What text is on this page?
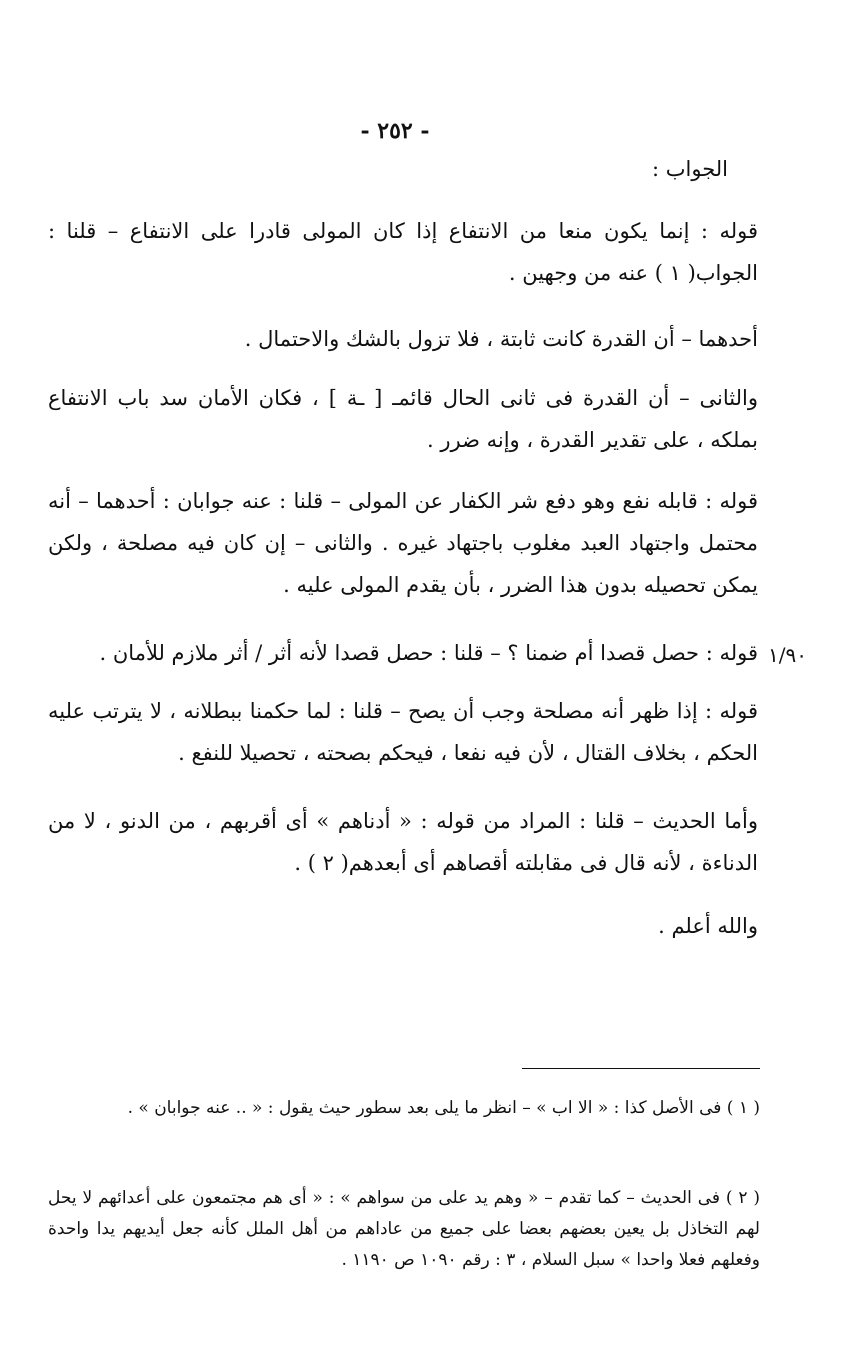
- ٢٥٢ -
الجواب :

قوله : إنما يكون منعا من الانتفاع إذا كان المولى قادرا على الانتفاع – قلنا : الجواب( ١ ) عنه من وجهين .

أحدهما – أن القدرة كانت ثابتة ، فلا تزول بالشك والاحتمال .

والثانى – أن القدرة فى ثانى الحال قائمـ [ ـة ] ، فكان الأمان سد باب الانتفاع بملكه ، على تقدير القدرة ، وإنه ضرر .

قوله : قابله نفع وهو دفع شر الكفار عن المولى – قلنا : عنه جوابان : أحدهما – أنه محتمل واجتهاد العبد مغلوب باجتهاد غيره . والثانى – إن كان فيه مصلحة ، ولكن يمكن تحصيله بدون هذا الضرر ، بأن يقدم المولى عليه .

١/٩٠

قوله : حصل قصدا أم ضمنا ؟ – قلنا : حصل قصدا لأنه أثر / أثر ملازم للأمان .

قوله : إذا ظهر أنه مصلحة وجب أن يصح – قلنا : لما حكمنا ببطلانه ، لا يترتب عليه الحكم ، بخلاف القتال ، لأن فيه نفعا ، فيحكم بصحته ، تحصيلا للنفع .

وأما الحديث – قلنا : المراد من قوله : « أدناهم » أى أقربهم ، من الدنو ، لا من الدناءة ، لأنه قال فى مقابلته أقصاهم أى أبعدهم( ٢ ) .

والله أعلم .

( ١ ) فى الأصل كذا : « الا اب » – انظر ما يلى بعد سطور حيث يقول : « .. عنه جوابان » .

( ٢ ) فى الحديث – كما تقدم – « وهم يد على من سواهم » : « أى هم مجتمعون على أعدائهم لا يحل لهم التخاذل بل يعين بعضهم بعضا على جميع من عاداهم من أهل الملل كأنه جعل أيديهم يدا واحدة وفعلهم فعلا واحدا » سبل السلام ، ٣ : رقم ١٠٩٠ ص ١١٩٠ .
